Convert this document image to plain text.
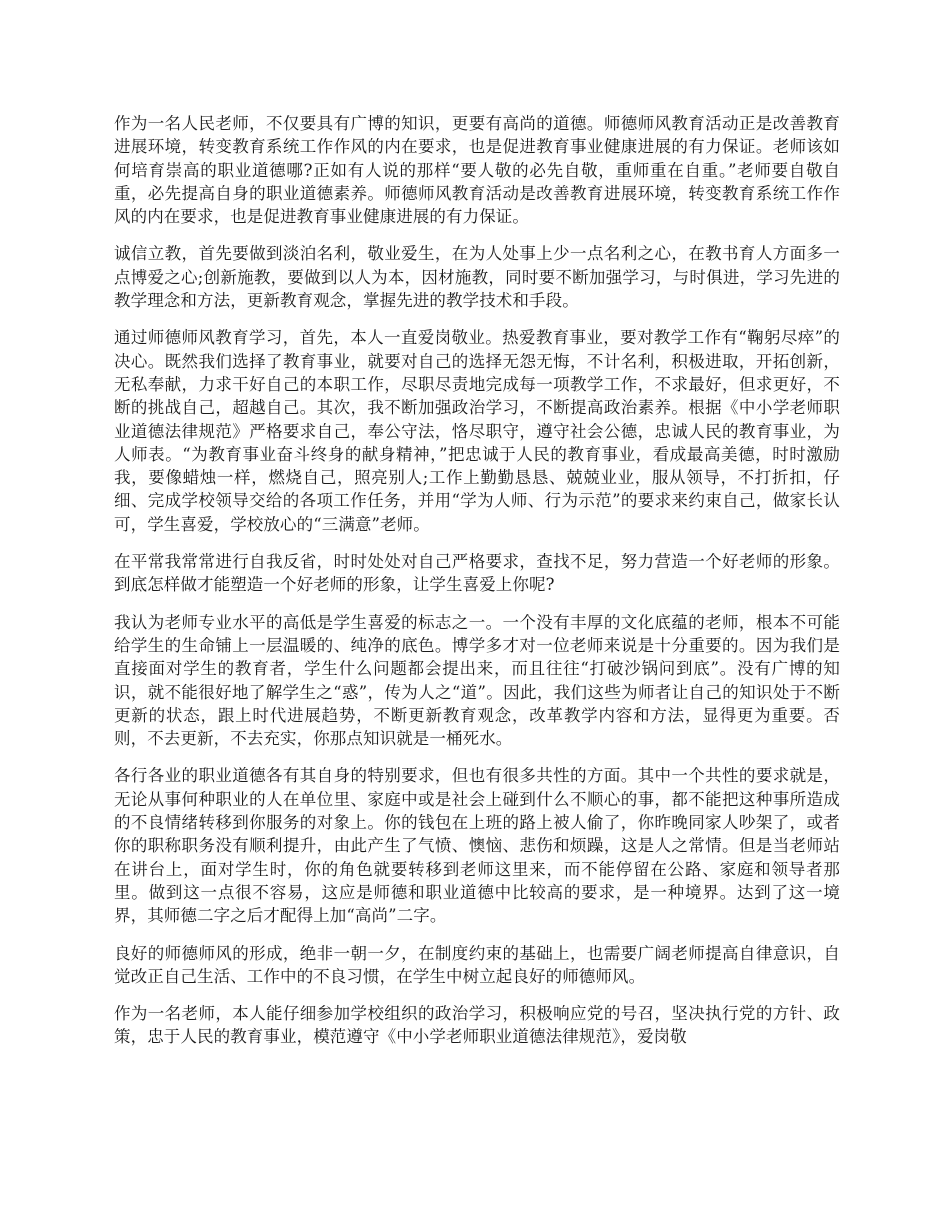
作为一名人民老师，不仅要具有广博的知识，更要有高尚的道德。师德师风教育活动正是改善教育进展环境，转变教育系统工作作风的内在要求，也是促进教育事业健康进展的有力保证。老师该如何培育崇高的职业道德哪?正如有人说的那样“要人敬的必先自敬，重师重在自重。”老师要自敬自重，必先提高自身的职业道德素养。师德师风教育活动是改善教育进展环境，转变教育系统工作作风的内在要求，也是促进教育事业健康进展的有力保证。

诚信立教，首先要做到淡泊名利，敬业爱生，在为人处事上少一点名利之心，在教书育人方面多一点博爱之心;创新施教，要做到以人为本，因材施教，同时要不断加强学习，与时俱进，学习先进的教学理念和方法，更新教育观念，掌握先进的教学技术和手段。

通过师德师风教育学习，首先，本人一直爱岗敬业。热爱教育事业，要对教学工作有“鞠躬尽瘁”的决心。既然我们选择了教育事业，就要对自己的选择无怨无悔，不计名利，积极进取，开拓创新，无私奉献，力求干好自己的本职工作，尽职尽责地完成每一项教学工作，不求最好，但求更好，不断的挑战自己，超越自己。其次，我不断加强政治学习，不断提高政治素养。根据《中小学老师职业道德法律规范》严格要求自己，奉公守法，恪尽职守，遵守社会公德，忠诚人民的教育事业，为人师表。“为教育事业奋斗终身的献身精神，”把忠诚于人民的教育事业，看成最高美德，时时激励我，要像蜡烛一样，燃烧自己，照亮别人;工作上勤勤恳恳、兢兢业业，服从领导，不打折扣，仔细、完成学校领导交给的各项工作任务，并用“学为人师、行为示范”的要求来约束自己，做家长认可，学生喜爱，学校放心的“三满意”老师。

在平常我常常进行自我反省，时时处处对自己严格要求，查找不足，努力营造一个好老师的形象。到底怎样做才能塑造一个好老师的形象，让学生喜爱上你呢?

我认为老师专业水平的高低是学生喜爱的标志之一。一个没有丰厚的文化底蕴的老师，根本不可能给学生的生命铺上一层温暖的、纯净的底色。博学多才对一位老师来说是十分重要的。因为我们是直接面对学生的教育者，学生什么问题都会提出来，而且往往“打破沙锅问到底”。没有广博的知识，就不能很好地了解学生之“惑”，传为人之“道”。因此，我们这些为师者让自己的知识处于不断更新的状态，跟上时代进展趋势，不断更新教育观念，改革教学内容和方法，显得更为重要。否则，不去更新，不去充实，你那点知识就是一桶死水。

各行各业的职业道德各有其自身的特别要求，但也有很多共性的方面。其中一个共性的要求就是，无论从事何种职业的人在单位里、家庭中或是社会上碰到什么不顺心的事，都不能把这种事所造成的不良情绪转移到你服务的对象上。你的钱包在上班的路上被人偷了，你昨晚同家人吵架了，或者你的职称职务没有顺利提升，由此产生了气愤、懊恼、悲伤和烦躁，这是人之常情。但是当老师站在讲台上，面对学生时，你的角色就要转移到老师这里来，而不能停留在公路、家庭和领导者那里。做到这一点很不容易，这应是师德和职业道德中比较高的要求，是一种境界。达到了这一境界，其师德二字之后才配得上加“高尚”二字。

良好的师德师风的形成，绝非一朝一夕，在制度约束的基础上，也需要广阔老师提高自律意识，自觉改正自己生活、工作中的不良习惯，在学生中树立起良好的师德师风。

作为一名老师，本人能仔细参加学校组织的政治学习，积极响应党的号召，坚决执行党的方针、政策，忠于人民的教育事业，模范遵守《中小学老师职业道德法律规范》，爱岗敬
